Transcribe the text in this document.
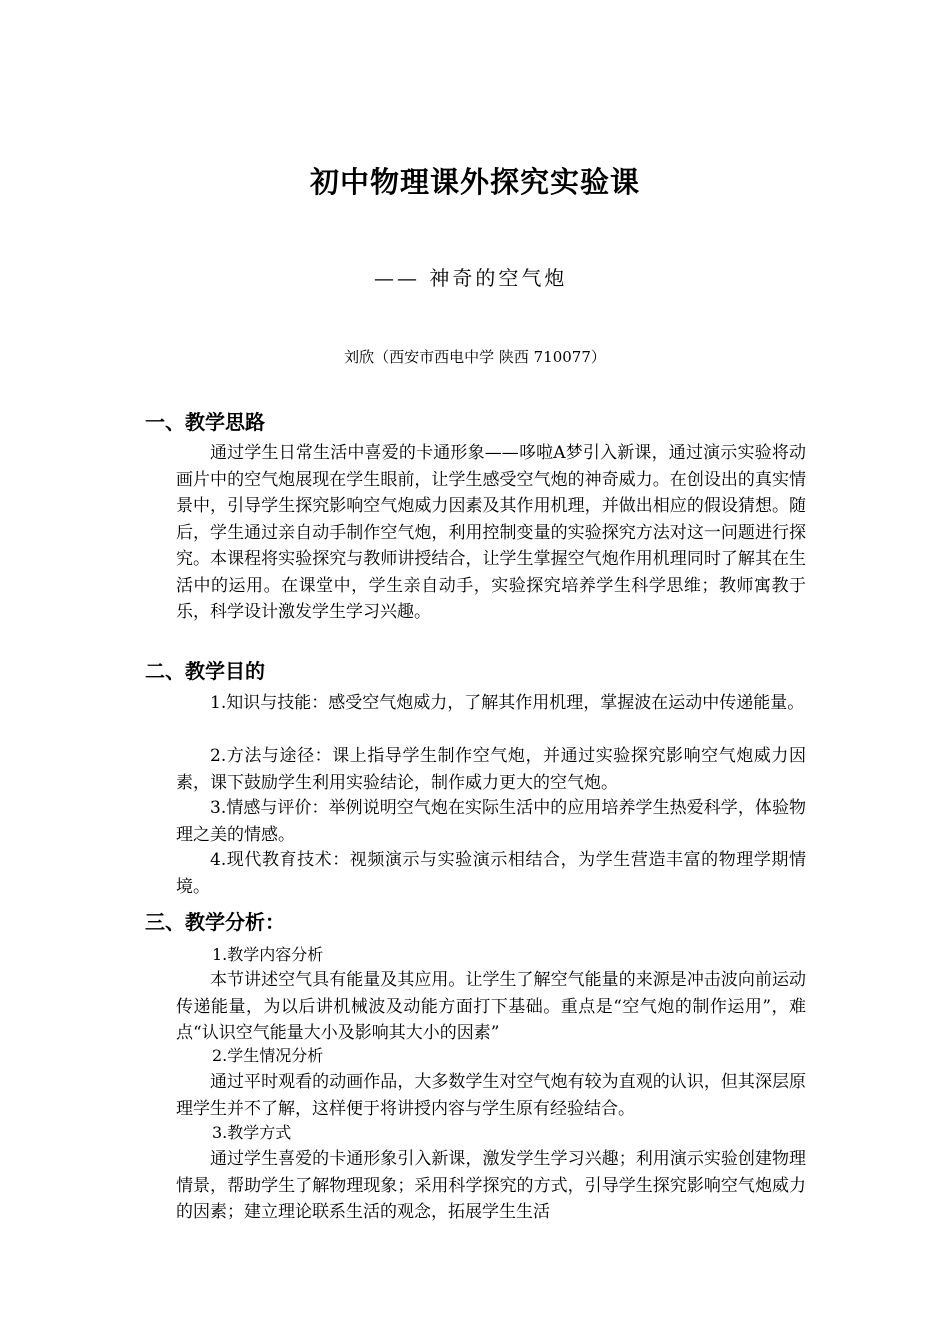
初中物理课外探究实验课
—— 神奇的空气炮
刘欣（西安市西电中学 陕西 710077）
一、教学思路

通过学生日常生活中喜爱的卡通形象——哆啦A梦引入新课，通过演示实验将动画片中的空气炮展现在学生眼前，让学生感受空气炮的神奇威力。在创设出的真实情景中，引导学生探究影响空气炮威力因素及其作用机理，并做出相应的假设猜想。随后，学生通过亲自动手制作空气炮，利用控制变量的实验探究方法对这一问题进行探究。本课程将实验探究与教师讲授结合，让学生掌握空气炮作用机理同时了解其在生活中的运用。在课堂中，学生亲自动手，实验探究培养学生科学思维；教师寓教于乐，科学设计激发学生学习兴趣。

二、教学目的

1.知识与技能：感受空气炮威力，了解其作用机理，掌握波在运动中传递能量。

2.方法与途径：课上指导学生制作空气炮，并通过实验探究影响空气炮威力因素，课下鼓励学生利用实验结论，制作威力更大的空气炮。

3.情感与评价：举例说明空气炮在实际生活中的应用培养学生热爱科学，体验物理之美的情感。

4.现代教育技术：视频演示与实验演示相结合，为学生营造丰富的物理学期情境。

三、教学分析：
1.教学内容分析

本节讲述空气具有能量及其应用。让学生了解空气能量的来源是冲击波向前运动传递能量，为以后讲机械波及动能方面打下基础。重点是“空气炮的制作运用”，难点“认识空气能量大小及影响其大小的因素”

2.学生情况分析

通过平时观看的动画作品，大多数学生对空气炮有较为直观的认识，但其深层原理学生并不了解，这样便于将讲授内容与学生原有经验结合。

3.教学方式

通过学生喜爱的卡通形象引入新课，激发学生学习兴趣；利用演示实验创建物理情景，帮助学生了解物理现象；采用科学探究的方式，引导学生探究影响空气炮威力的因素；建立理论联系生活的观念，拓展学生生活
